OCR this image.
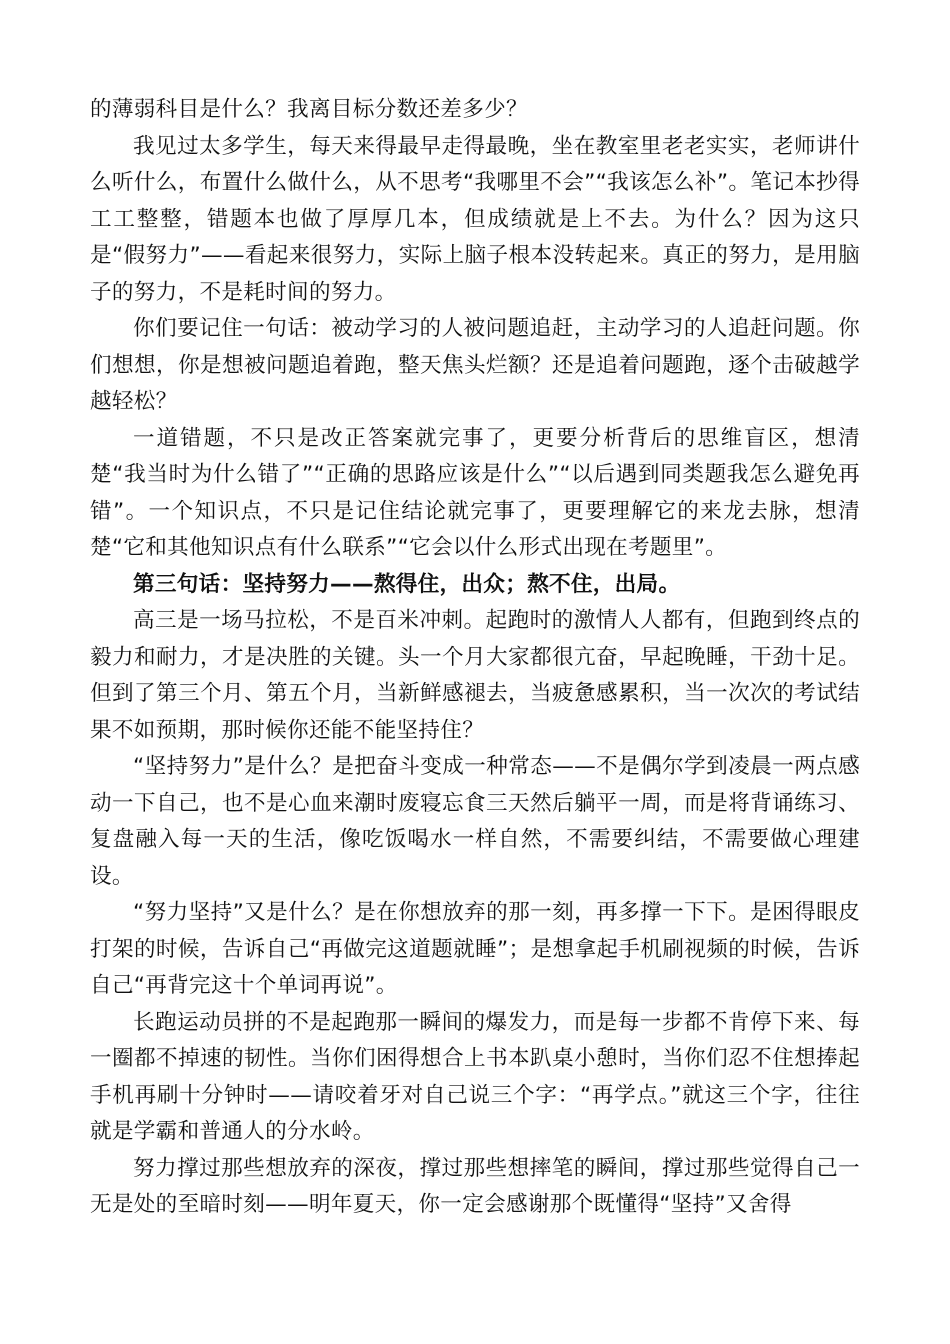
的薄弱科目是什么？我离目标分数还差多少？

我见过太多学生，每天来得最早走得最晚，坐在教室里老老实实，老师讲什么听什么，布置什么做什么，从不思考“我哪里不会”“我该怎么补”。笔记本抄得工工整整，错题本也做了厚厚几本，但成绩就是上不去。为什么？因为这只是“假努力”——看起来很努力，实际上脑子根本没转起来。真正的努力，是用脑子的努力，不是耗时间的努力。

你们要记住一句话：被动学习的人被问题追赶，主动学习的人追赶问题。你们想想，你是想被问题追着跑，整天焦头烂额？还是追着问题跑，逐个击破越学越轻松？

一道错题，不只是改正答案就完事了，更要分析背后的思维盲区，想清楚“我当时为什么错了”“正确的思路应该是什么”“以后遇到同类题我怎么避免再错”。一个知识点，不只是记住结论就完事了，更要理解它的来龙去脉，想清楚“它和其他知识点有什么联系”“它会以什么形式出现在考题里”。

第三句话：坚持努力——熬得住，出众；熬不住，出局。

高三是一场马拉松，不是百米冲刺。起跑时的激情人人都有，但跑到终点的毅力和耐力，才是决胜的关键。头一个月大家都很亢奋，早起晚睡，干劲十足。但到了第三个月、第五个月，当新鲜感褪去，当疲惫感累积，当一次次的考试结果不如预期，那时候你还能不能坚持住？

“坚持努力”是什么？是把奋斗变成一种常态——不是偶尔学到凌晨一两点感动一下自己，也不是心血来潮时废寝忘食三天然后躺平一周，而是将背诵练习、复盘融入每一天的生活，像吃饭喝水一样自然，不需要纠结，不需要做心理建设。

“努力坚持”又是什么？是在你想放弃的那一刻，再多撑一下下。是困得眼皮打架的时候，告诉自己“再做完这道题就睡”；是想拿起手机刷视频的时候，告诉自己“再背完这十个单词再说”。

长跑运动员拼的不是起跑那一瞬间的爆发力，而是每一步都不肯停下来、每一圈都不掉速的韧性。当你们困得想合上书本趴桌小憩时，当你们忍不住想捧起手机再刷十分钟时——请咬着牙对自己说三个字：“再学点。”就这三个字，往往就是学霸和普通人的分水岭。

努力撑过那些想放弃的深夜，撑过那些想摔笔的瞬间，撑过那些觉得自己一无是处的至暗时刻——明年夏天，你一定会感谢那个既懂得“坚持”又舍得
